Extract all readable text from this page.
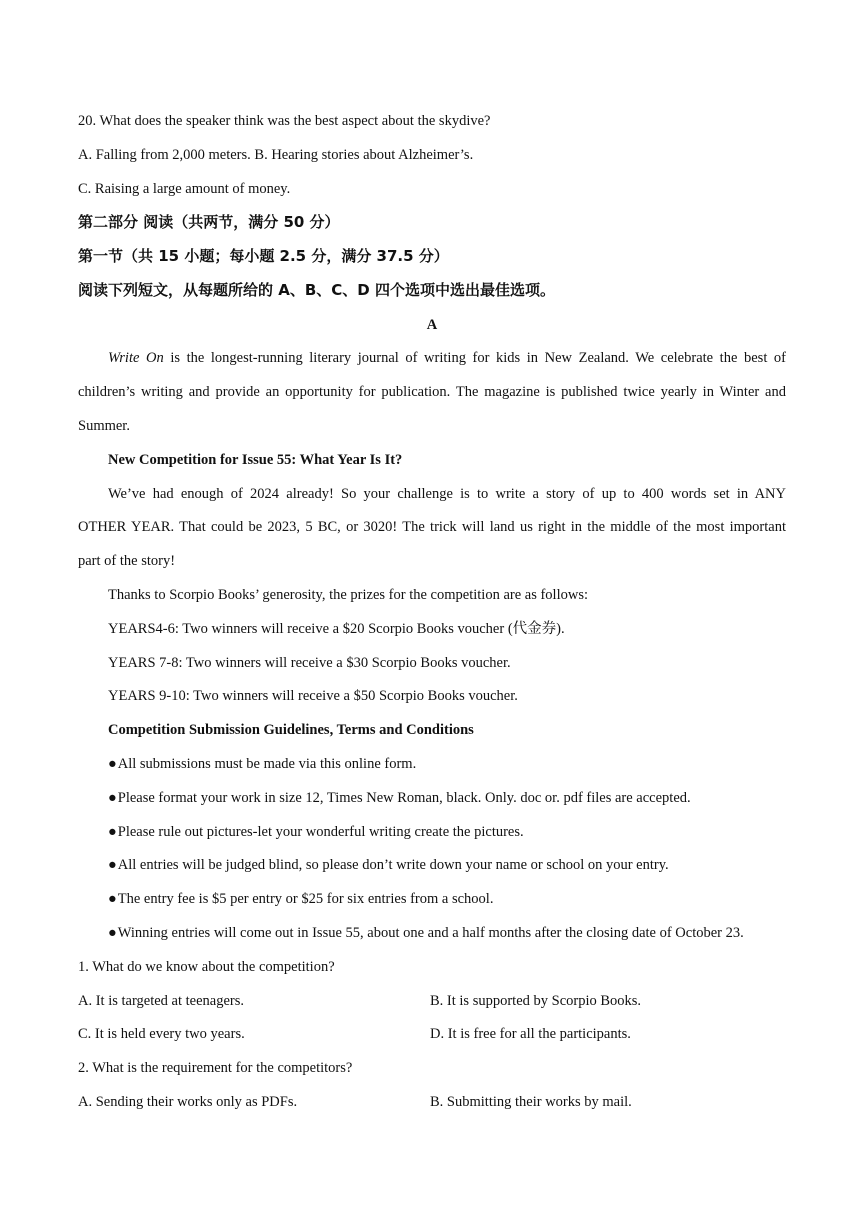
20. What does the speaker think was the best aspect about the skydive?
A. Falling from 2,000 meters. B. Hearing stories about Alzheimer’s.
C. Raising a large amount of money.
第二部分 阅读（共两节，满分 50 分）
第一节（共 15 小题；每小题 2.5 分，满分 37.5 分）
阅读下列短文，从每题所给的 A、B、C、D 四个选项中选出最佳选项。
A
Write On is the longest-running literary journal of writing for kids in New Zealand. We celebrate the best of
children’s writing and provide an opportunity for publication. The magazine is published twice yearly in Winter and
Summer.
New Competition for Issue 55: What Year Is It?
We’ve had enough of 2024 already! So your challenge is to write a story of up to 400 words set in ANY
OTHER YEAR. That could be 2023, 5 BC, or 3020! The trick will land us right in the middle of the most important
part of the story!
Thanks to Scorpio Books’ generosity, the prizes for the competition are as follows:
YEARS4-6: Two winners will receive a $20 Scorpio Books voucher (代金券).
YEARS 7-8: Two winners will receive a $30 Scorpio Books voucher.
YEARS 9-10: Two winners will receive a $50 Scorpio Books voucher.
Competition Submission Guidelines, Terms and Conditions
●All submissions must be made via this online form.
●Please format your work in size 12, Times New Roman, black. Only. doc or. pdf files are accepted.
●Please rule out pictures-let your wonderful writing create the pictures.
●All entries will be judged blind, so please don’t write down your name or school on your entry.
●The entry fee is $5 per entry or $25 for six entries from a school.
●Winning entries will come out in Issue 55, about one and a half months after the closing date of October 23.
1. What do we know about the competition?
A. It is targeted at teenagers.	B. It is supported by Scorpio Books.
C. It is held every two years.	D. It is free for all the participants.
2. What is the requirement for the competitors?
A. Sending their works only as PDFs.	B. Submitting their works by mail.
